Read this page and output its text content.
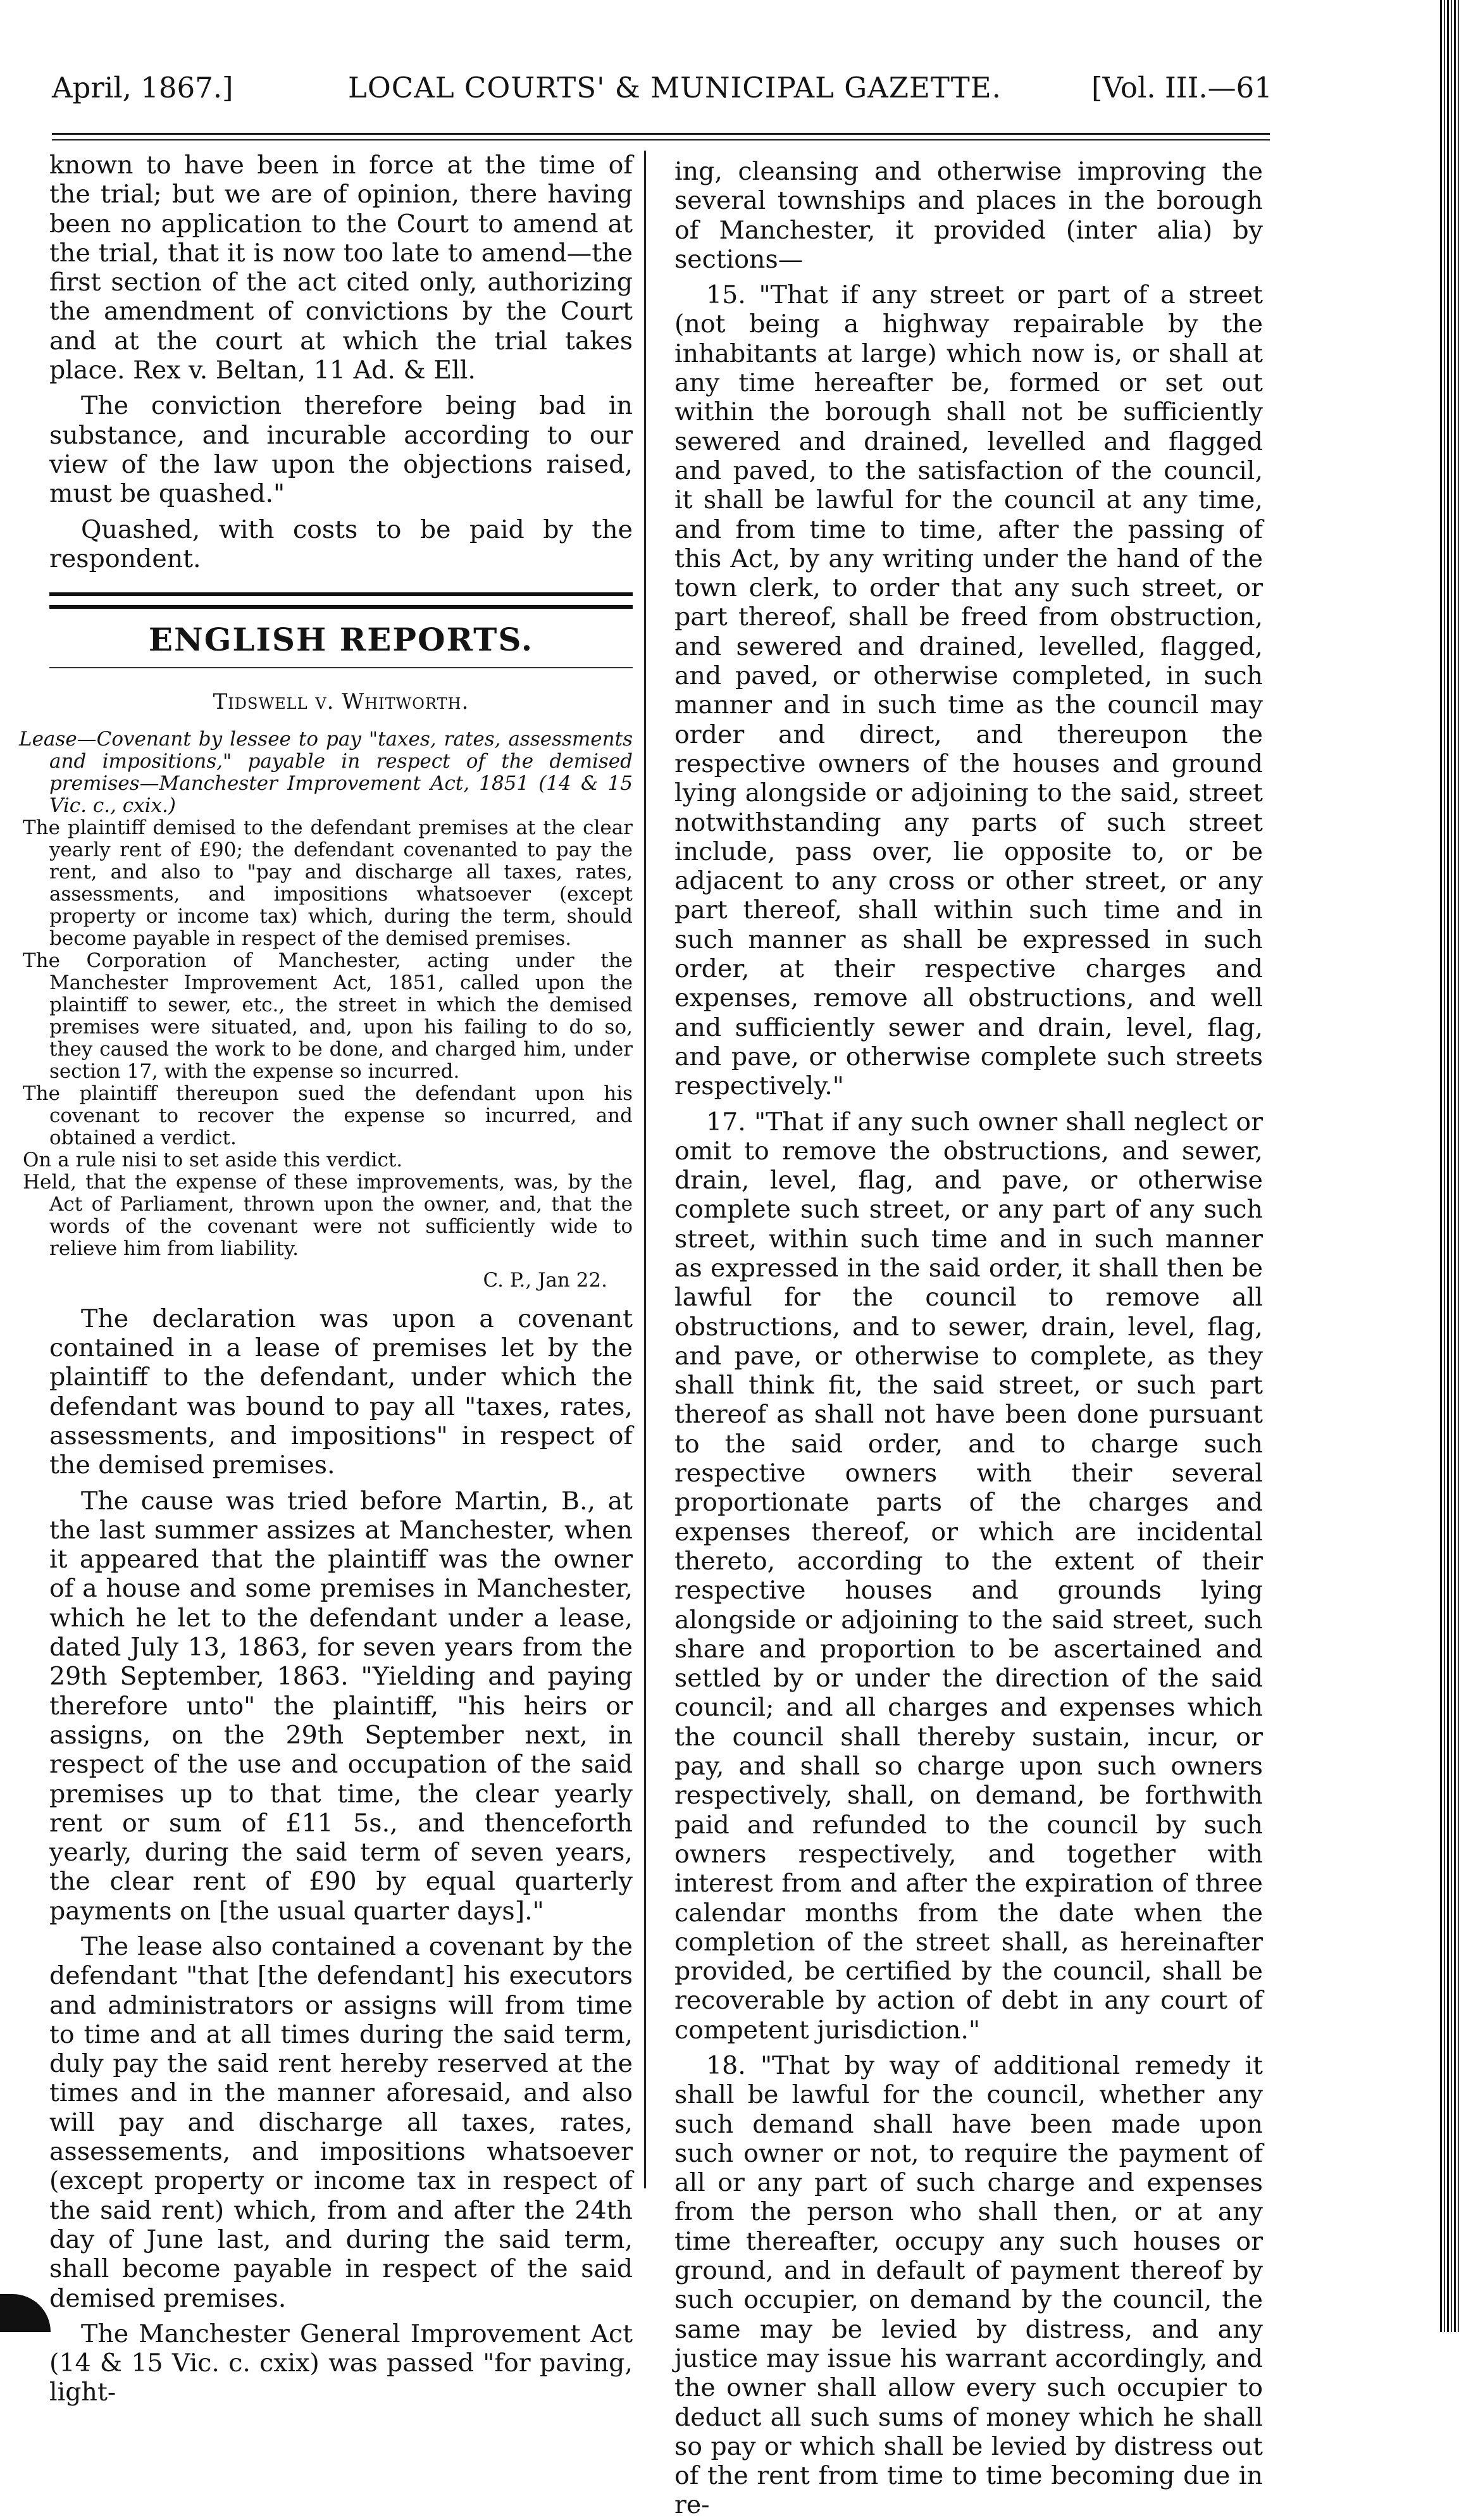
April, 1867.]	LOCAL COURTS' & MUNICIPAL GAZETTE.	[Vol. III.—61

known to have been in force at the time of the trial; but we are of opinion, there having been no application to the Court to amend at the trial, that it is now too late to amend—the first section of the act cited only, authorizing the amendment of convictions by the Court and at the court at which the trial takes place. Rex v. Beltan, 11 Ad. & Ell.

The conviction therefore being bad in substance, and incurable according to our view of the law upon the objections raised, must be quashed."

Quashed, with costs to be paid by the respondent.

ENGLISH REPORTS.
Tidswell v. Whitworth.

Lease—Covenant by lessee to pay "taxes, rates, assessments and impositions," payable in respect of the demised premises—Manchester Improvement Act, 1851 (14 & 15 Vic. c., cxix.)

The plaintiff demised to the defendant premises at the clear yearly rent of £90; the defendant covenanted to pay the rent, and also to "pay and discharge all taxes, rates, assessments, and impositions whatsoever (except property or income tax) which, during the term, should become payable in respect of the demised premises.

The Corporation of Manchester, acting under the Manchester Improvement Act, 1851, called upon the plaintiff to sewer, etc., the street in which the demised premises were situated, and, upon his failing to do so, they caused the work to be done, and charged him, under section 17, with the expense so incurred.

The plaintiff thereupon sued the defendant upon his covenant to recover the expense so incurred, and obtained a verdict.

On a rule nisi to set aside this verdict.

Held, that the expense of these improvements, was, by the Act of Parliament, thrown upon the owner, and, that the words of the covenant were not sufficiently wide to relieve him from liability.

C. P., Jan 22.

The declaration was upon a covenant contained in a lease of premises let by the plaintiff to the defendant, under which the defendant was bound to pay all "taxes, rates, assessments, and impositions" in respect of the demised premises.

The cause was tried before Martin, B., at the last summer assizes at Manchester, when it appeared that the plaintiff was the owner of a house and some premises in Manchester, which he let to the defendant under a lease, dated July 13, 1863, for seven years from the 29th September, 1863. "Yielding and paying therefore unto" the plaintiff, "his heirs or assigns, on the 29th September next, in respect of the use and occupation of the said premises up to that time, the clear yearly rent or sum of £11 5s., and thenceforth yearly, during the said term of seven years, the clear rent of £90 by equal quarterly payments on [the usual quarter days]."

The lease also contained a covenant by the defendant "that [the defendant] his executors and administrators or assigns will from time to time and at all times during the said term, duly pay the said rent hereby reserved at the times and in the manner aforesaid, and also will pay and discharge all taxes, rates, assessements, and impositions whatsoever (except property or income tax in respect of the said rent) which, from and after the 24th day of June last, and during the said term, shall become payable in respect of the said demised premises.

The Manchester General Improvement Act (14 & 15 Vic. c. cxix) was passed "for paving, light-

ing, cleansing and otherwise improving the several townships and places in the borough of Manchester, it provided (inter alia) by sections—

15. "That if any street or part of a street (not being a highway repairable by the inhabitants at large) which now is, or shall at any time hereafter be, formed or set out within the borough shall not be sufficiently sewered and drained, levelled and flagged and paved, to the satisfaction of the council, it shall be lawful for the council at any time, and from time to time, after the passing of this Act, by any writing under the hand of the town clerk, to order that any such street, or part thereof, shall be freed from obstruction, and sewered and drained, levelled, flagged, and paved, or otherwise completed, in such manner and in such time as the council may order and direct, and thereupon the respective owners of the houses and ground lying alongside or adjoining to the said, street notwithstanding any parts of such street include, pass over, lie opposite to, or be adjacent to any cross or other street, or any part thereof, shall within such time and in such manner as shall be expressed in such order, at their respective charges and expenses, remove all obstructions, and well and sufficiently sewer and drain, level, flag, and pave, or otherwise complete such streets respectively."

17. "That if any such owner shall neglect or omit to remove the obstructions, and sewer, drain, level, flag, and pave, or otherwise complete such street, or any part of any such street, within such time and in such manner as expressed in the said order, it shall then be lawful for the council to remove all obstructions, and to sewer, drain, level, flag, and pave, or otherwise to complete, as they shall think fit, the said street, or such part thereof as shall not have been done pursuant to the said order, and to charge such respective owners with their several proportionate parts of the charges and expenses thereof, or which are incidental thereto, according to the extent of their respective houses and grounds lying alongside or adjoining to the said street, such share and proportion to be ascertained and settled by or under the direction of the said council; and all charges and expenses which the council shall thereby sustain, incur, or pay, and shall so charge upon such owners respectively, shall, on demand, be forthwith paid and refunded to the council by such owners respectively, and together with interest from and after the expiration of three calendar months from the date when the completion of the street shall, as hereinafter provided, be certified by the council, shall be recoverable by action of debt in any court of competent jurisdiction."

18. "That by way of additional remedy it shall be lawful for the council, whether any such demand shall have been made upon such owner or not, to require the payment of all or any part of such charge and expenses from the person who shall then, or at any time thereafter, occupy any such houses or ground, and in default of payment thereof by such occupier, on demand by the council, the same may be levied by distress, and any justice may issue his warrant accordingly, and the owner shall allow every such occupier to deduct all such sums of money which he shall so pay or which shall be levied by distress out of the rent from time to time becoming due in re-
